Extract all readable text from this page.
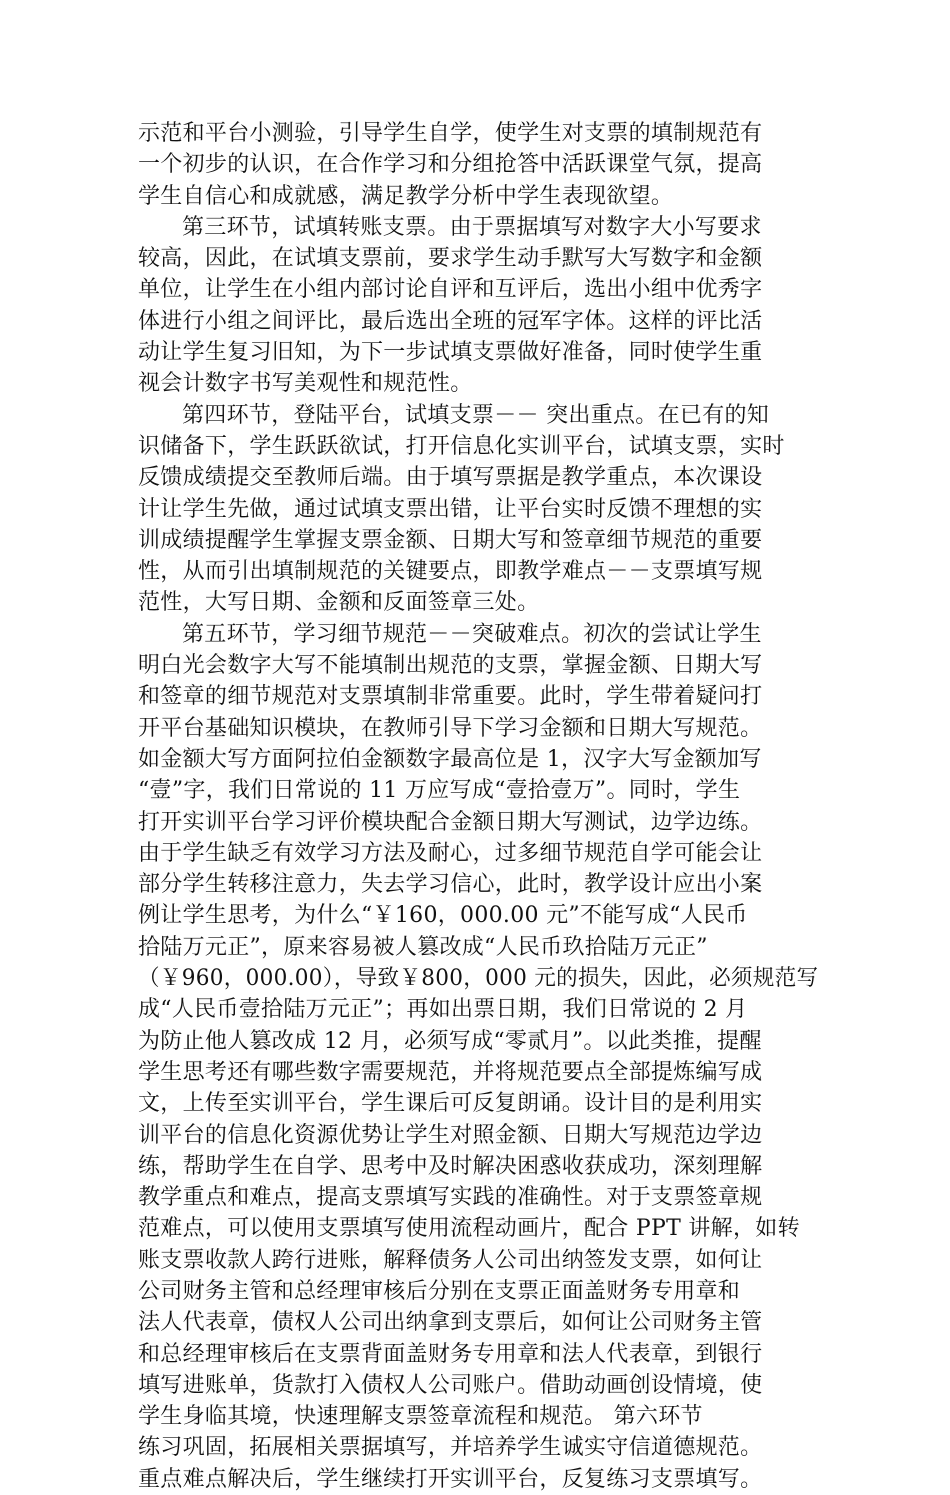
示范和平台小测验，引导学生自学，使学生对支票的填制规范有
一个初步的认识，在合作学习和分组抢答中活跃课堂气氛，提高
学生自信心和成就感，满足教学分析中学生表现欲望。
第三环节，试填转账支票。由于票据填写对数字大小写要求
较高，因此，在试填支票前，要求学生动手默写大写数字和金额
单位，让学生在小组内部讨论自评和互评后，选出小组中优秀字
体进行小组之间评比，最后选出全班的冠军字体。这样的评比活
动让学生复习旧知，为下一步试填支票做好准备，同时使学生重
视会计数字书写美观性和规范性。
第四环节，登陆平台，试填支票－－ 突出重点。在已有的知
识储备下，学生跃跃欲试，打开信息化实训平台，试填支票，实时
反馈成绩提交至教师后端。由于填写票据是教学重点，本次课设
计让学生先做，通过试填支票出错，让平台实时反馈不理想的实
训成绩提醒学生掌握支票金额、日期大写和签章细节规范的重要
性，从而引出填制规范的关键要点，即教学难点－－支票填写规
范性，大写日期、金额和反面签章三处。
第五环节，学习细节规范－－突破难点。初次的尝试让学生
明白光会数字大写不能填制出规范的支票，掌握金额、日期大写
和签章的细节规范对支票填制非常重要。此时，学生带着疑问打
开平台基础知识模块，在教师引导下学习金额和日期大写规范。
如金额大写方面阿拉伯金额数字最高位是 1，汉字大写金额加写
“壹”字，我们日常说的 11 万应写成“壹拾壹万”。同时，学生
打开实训平台学习评价模块配合金额日期大写测试，边学边练。
由于学生缺乏有效学习方法及耐心，过多细节规范自学可能会让
部分学生转移注意力，失去学习信心，此时，教学设计应出小案
例让学生思考，为什么“￥160，000.00 元”不能写成“人民币
拾陆万元正”，原来容易被人篡改成“人民币玖拾陆万元正”
（￥960，000.00），导致￥800，000 元的损失，因此，必须规范写
成“人民币壹拾陆万元正”；再如出票日期，我们日常说的 2 月
为防止他人篡改成 12 月，必须写成“零贰月”。以此类推，提醒
学生思考还有哪些数字需要规范，并将规范要点全部提炼编写成
文，上传至实训平台，学生课后可反复朗诵。设计目的是利用实
训平台的信息化资源优势让学生对照金额、日期大写规范边学边
练，帮助学生在自学、思考中及时解决困惑收获成功，深刻理解
教学重点和难点，提高支票填写实践的准确性。对于支票签章规
范难点，可以使用支票填写使用流程动画片，配合 PPT 讲解，如转
账支票收款人跨行进账，解释债务人公司出纳签发支票，如何让
公司财务主管和总经理审核后分别在支票正面盖财务专用章和
法人代表章，债权人公司出纳拿到支票后，如何让公司财务主管
和总经理审核后在支票背面盖财务专用章和法人代表章，到银行
填写进账单，货款打入债权人公司账户。借助动画创设情境，使
学生身临其境，快速理解支票签章流程和规范。 第六环节
练习巩固，拓展相关票据填写，并培养学生诚实守信道德规范。
重点难点解决后，学生继续打开实训平台，反复练习支票填写。
